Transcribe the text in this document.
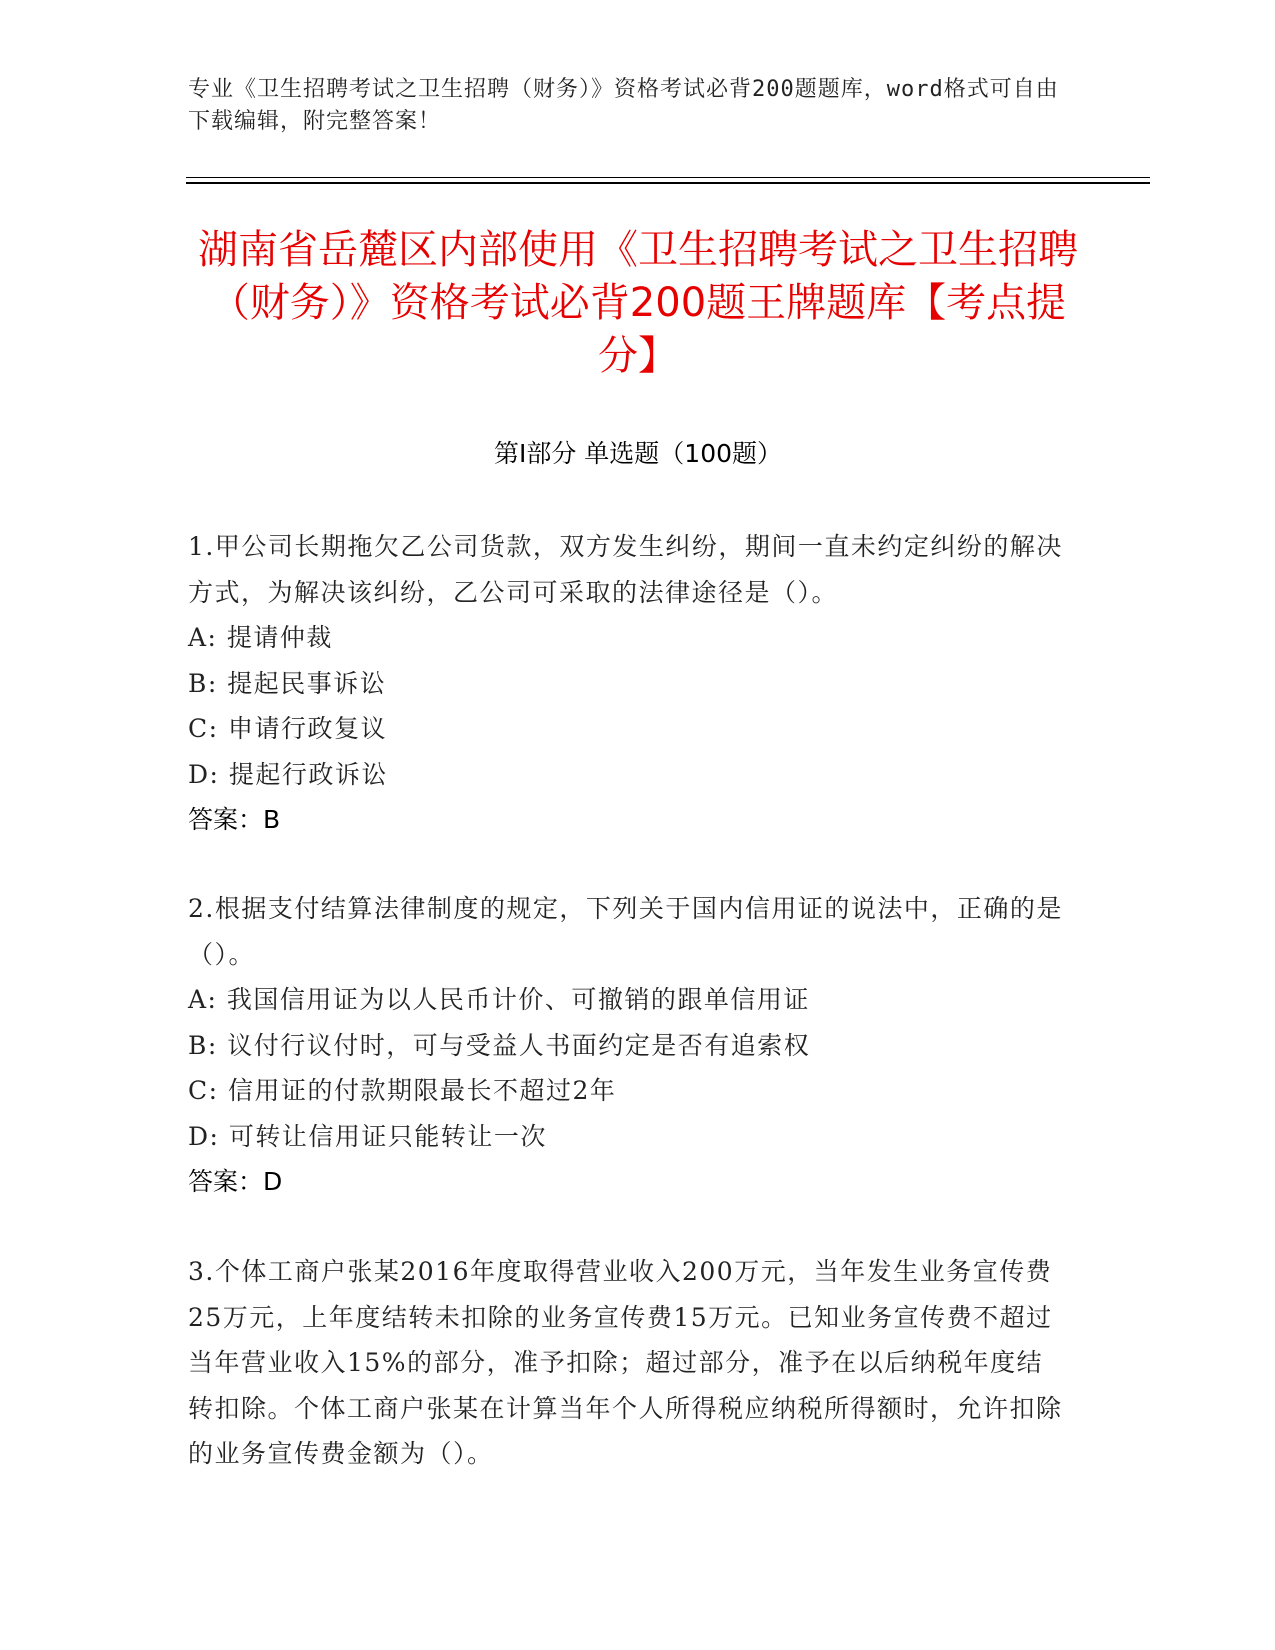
专业《卫生招聘考试之卫生招聘（财务）》资格考试必背200题题库，word格式可自由下载编辑，附完整答案！
湖南省岳麓区内部使用《卫生招聘考试之卫生招聘（财务）》资格考试必背200题王牌题库【考点提分】
第I部分 单选题（100题）

1.甲公司长期拖欠乙公司货款，双方发生纠纷，期间一直未约定纠纷的解决方式，为解决该纠纷，乙公司可采取的法律途径是（）。

A: 提请仲裁

B: 提起民事诉讼

C: 申请行政复议

D: 提起行政诉讼

答案：B

2.根据支付结算法律制度的规定，下列关于国内信用证的说法中，正确的是（）。

A: 我国信用证为以人民币计价、可撤销的跟单信用证

B: 议付行议付时，可与受益人书面约定是否有追索权

C: 信用证的付款期限最长不超过2年

D: 可转让信用证只能转让一次

答案：D

3.个体工商户张某2016年度取得营业收入200万元，当年发生业务宣传费25万元，上年度结转未扣除的业务宣传费15万元。已知业务宣传费不超过当年营业收入15%的部分，准予扣除；超过部分，准予在以后纳税年度结转扣除。个体工商户张某在计算当年个人所得税应纳税所得额时，允许扣除的业务宣传费金额为（）。
